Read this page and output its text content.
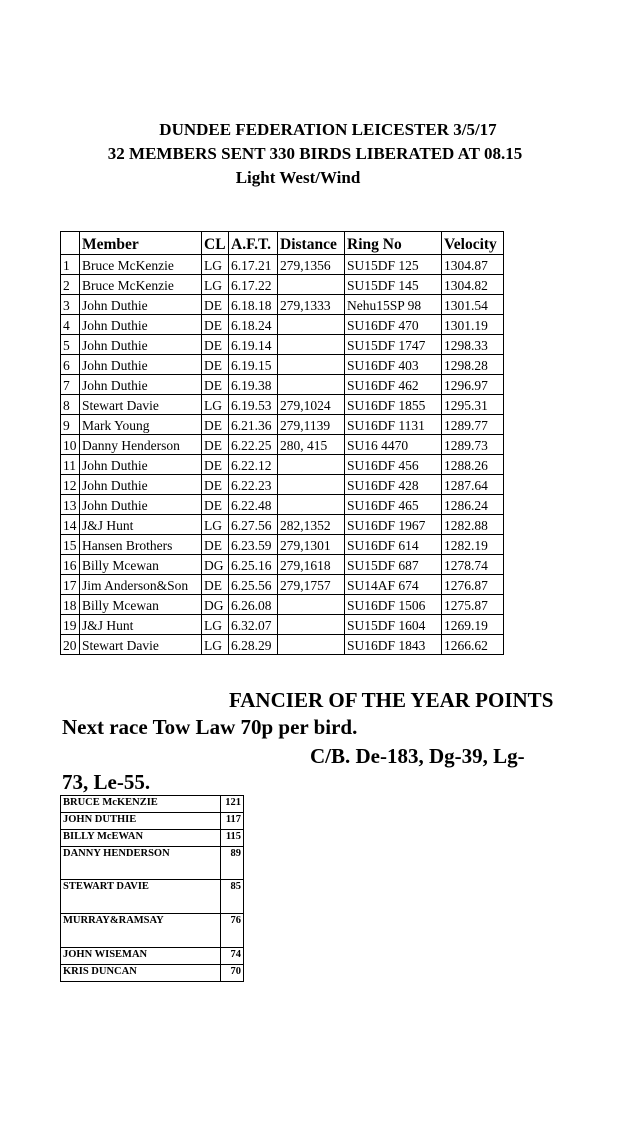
DUNDEE FEDERATION LEICESTER 3/5/17

32 MEMBERS SENT 330 BIRDS LIBERATED AT 08.15

Light West/Wind

	Member	CL	A.F.T.	Distance	Ring No	Velocity
1	Bruce McKenzie	LG	6.17.21	279,1356	SU15DF 125	1304.87
2	Bruce McKenzie	LG	6.17.22		SU15DF 145	1304.82
3	John Duthie	DE	6.18.18	279,1333	Nehu15SP 98	1301.54
4	John Duthie	DE	6.18.24		SU16DF 470	1301.19
5	John Duthie	DE	6.19.14		SU15DF 1747	1298.33
6	John Duthie	DE	6.19.15		SU16DF 403	1298.28
7	John Duthie	DE	6.19.38		SU16DF 462	1296.97
8	Stewart Davie	LG	6.19.53	279,1024	SU16DF 1855	1295.31
9	Mark Young	DE	6.21.36	279,1139	SU16DF 1131	1289.77
10	Danny Henderson	DE	6.22.25	280, 415	SU16 4470	1289.73
11	John Duthie	DE	6.22.12		SU16DF 456	1288.26
12	John Duthie	DE	6.22.23		SU16DF 428	1287.64
13	John Duthie	DE	6.22.48		SU16DF 465	1286.24
14	J&J Hunt	LG	6.27.56	282,1352	SU16DF 1967	1282.88
15	Hansen Brothers	DE	6.23.59	279,1301	SU16DF 614	1282.19
16	Billy Mcewan	DG	6.25.16	279,1618	SU15DF 687	1278.74
17	Jim Anderson&Son	DE	6.25.56	279,1757	SU14AF 674	1276.87
18	Billy Mcewan	DG	6.26.08		SU16DF 1506	1275.87
19	J&J Hunt	LG	6.32.07		SU15DF 1604	1269.19
20	Stewart Davie	LG	6.28.29		SU16DF 1843	1266.62

FANCIER OF THE YEAR POINTS

Next race Tow Law 70p per bird.

C/B. De-183, Dg-39, Lg-

73, Le-55.

BRUCE McKENZIE	121
JOHN DUTHIE	117
BILLY McEWAN	115
DANNY HENDERSON	89
STEWART DAVIE	85
MURRAY&RAMSAY	76
JOHN WISEMAN	74
KRIS DUNCAN	70
